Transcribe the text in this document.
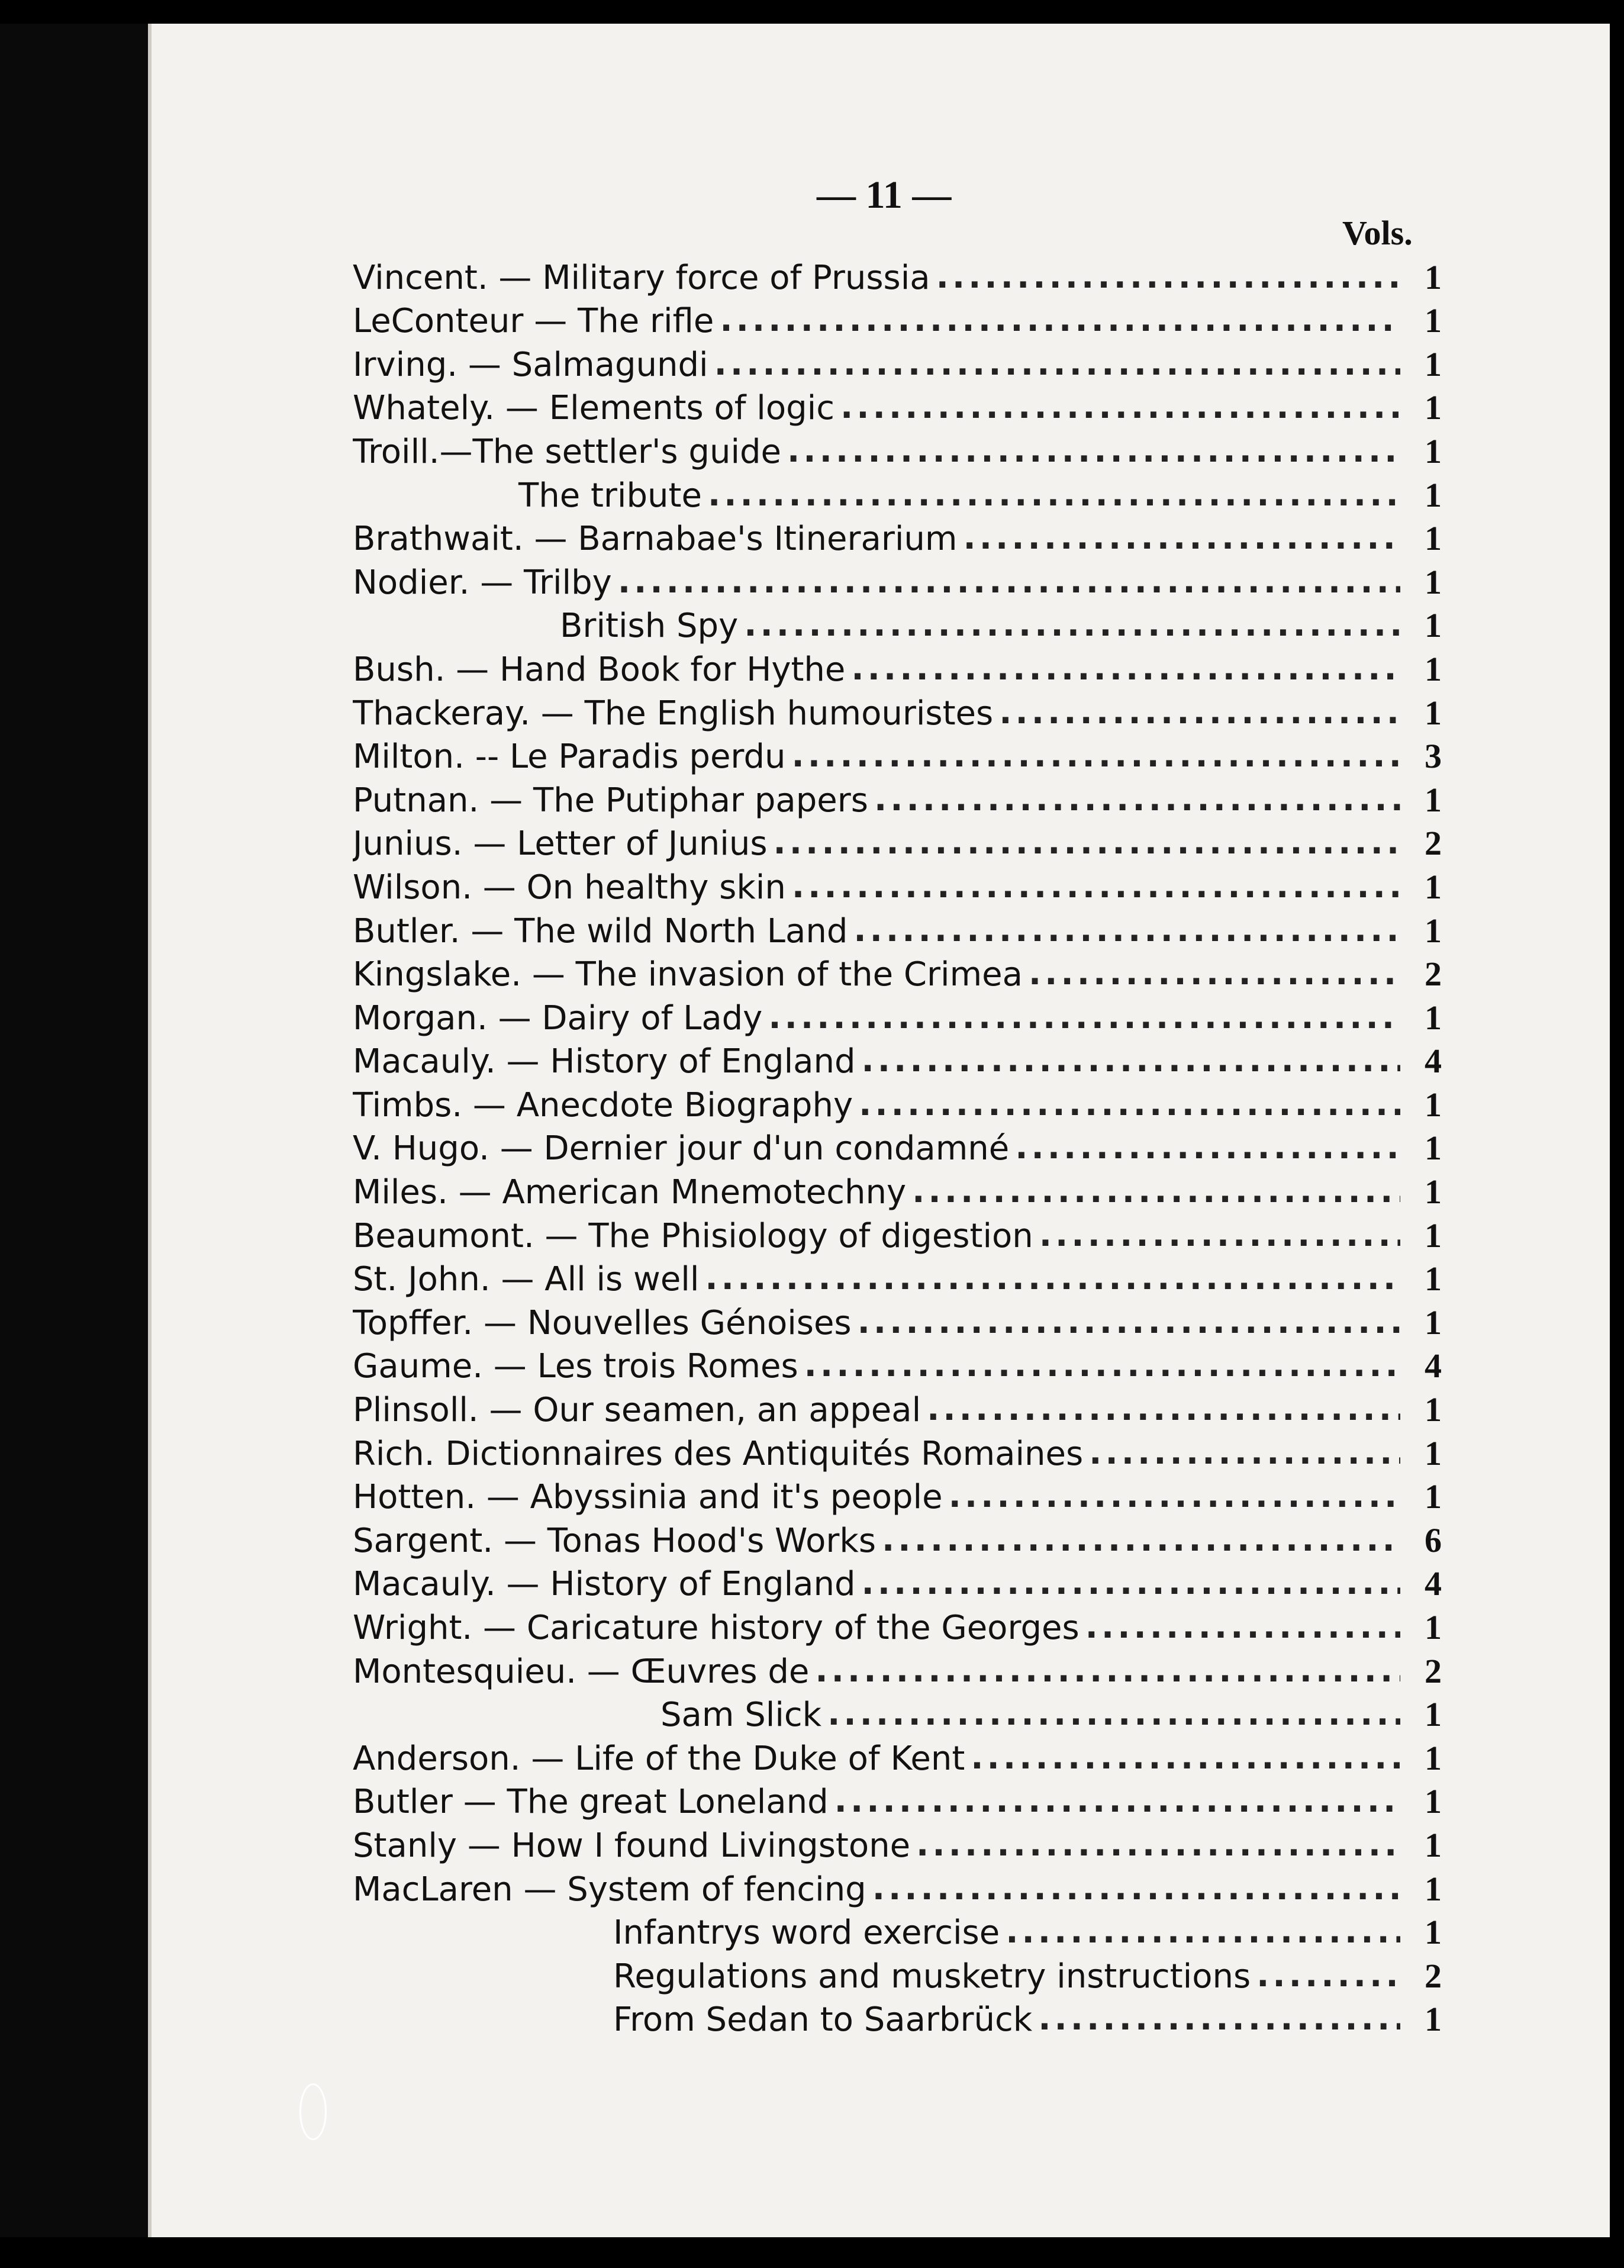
— 11 —
Vols.
Vincent. — Military force of Prussia .....	1
LeConteur — The rifle .....	1
Irving. — Salmagundi .....	1
Whately. — Elements of logic .....	1
Troill.—The settler's guide .....	1
The tribute .....	1
Brathwait. — Barnabae's Itinerarium .....	1
Nodier. — Trilby .....	1
British Spy .....	1
Bush. — Hand Book for Hythe .....	1
Thackeray. — The English humouristes .....	1
Milton. -- Le Paradis perdu .....	3
Putnan. — The Putiphar papers .....	1
Junius. — Letter of Junius .....	2
Wilson. — On healthy skin .....	1
Butler. — The wild North Land .....	1
Kingslake. — The invasion of the Crimea .....	2
Morgan. — Dairy of Lady .....	1
Macauly. — History of England .....	4
Timbs. — Anecdote Biography .....	1
V. Hugo. — Dernier jour d'un condamné .....	1
Miles. — American Mnemotechny .....	1
Beaumont. — The Phisiology of digestion .....	1
St. John. — All is well .....	1
Topffer. — Nouvelles Génoises .....	1
Gaume. — Les trois Romes .....	4
Plinsoll. — Our seamen, an appeal .....	1
Rich. Dictionnaires des Antiquités Romaines .....	1
Hotten. — Abyssinia and it's people .....	1
Sargent. — Tonas Hood's Works .....	6
Macauly. — History of England .....	4
Wright. — Caricature history of the Georges .....	1
Montesquieu. — Œuvres de .....	2
Sam Slick .....	1
Anderson. — Life of the Duke of Kent .....	1
Butler — The great Loneland .....	1
Stanly — How I found Livingstone .....	1
MacLaren — System of fencing .....	1
Infantrys word exercise .....	1
Regulations and musketry instructions .....	2
From Sedan to Saarbrück .....	1
